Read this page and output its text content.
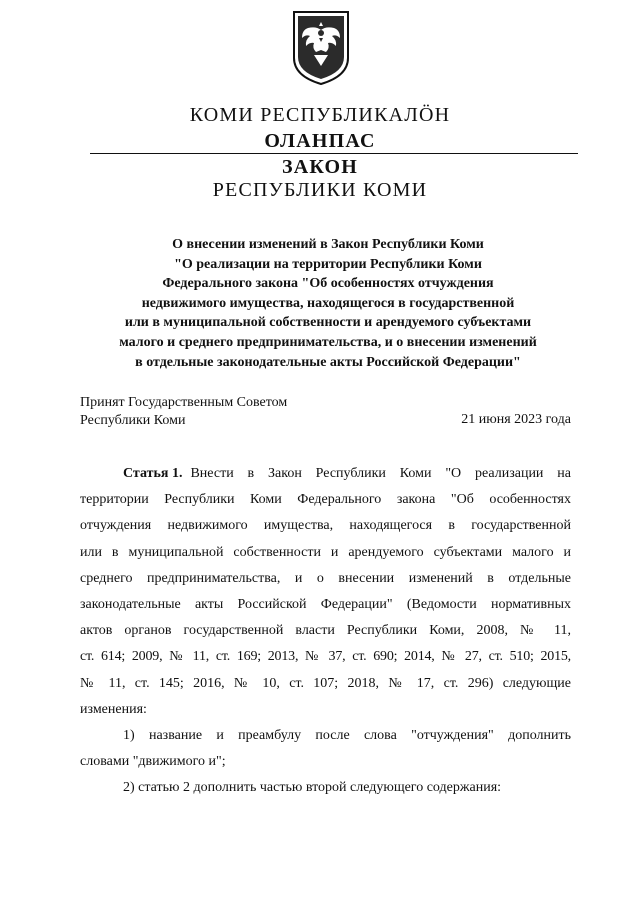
КОМИ РЕСПУБЛИКАЛÖН
ОЛАНПАС
ЗАКОН
РЕСПУБЛИКИ КОМИ
О внесении изменений в Закон Республики Коми
"О реализации на территории Республики Коми
Федерального закона "Об особенностях отчуждения
недвижимого имущества, находящегося в государственной
или в муниципальной собственности и арендуемого субъектами
малого и среднего предпринимательства, и о внесении изменений
в отдельные законодательные акты Российской Федерации"
Принят Государственным Советом
Республики Коми	21 июня 2023 года
Статья 1. Внести в Закон Республики Коми "О реализации на
территории Республики Коми Федерального закона "Об особенностях
отчуждения недвижимого имущества, находящегося в государственной
или в муниципальной собственности и арендуемого субъектами малого и
среднего предпринимательства, и о внесении изменений в отдельные
законодательные акты Российской Федерации" (Ведомости нормативных
актов органов государственной власти Республики Коми, 2008, № 11,
ст. 614; 2009, № 11, ст. 169; 2013, № 37, ст. 690; 2014, № 27, ст. 510; 2015,
№ 11, ст. 145; 2016, № 10, ст. 107; 2018, № 17, ст. 296) следующие
изменения:
1) название и преамбулу после слова "отчуждения" дополнить
словами "движимого и";
2) статью 2 дополнить частью второй следующего содержания:
